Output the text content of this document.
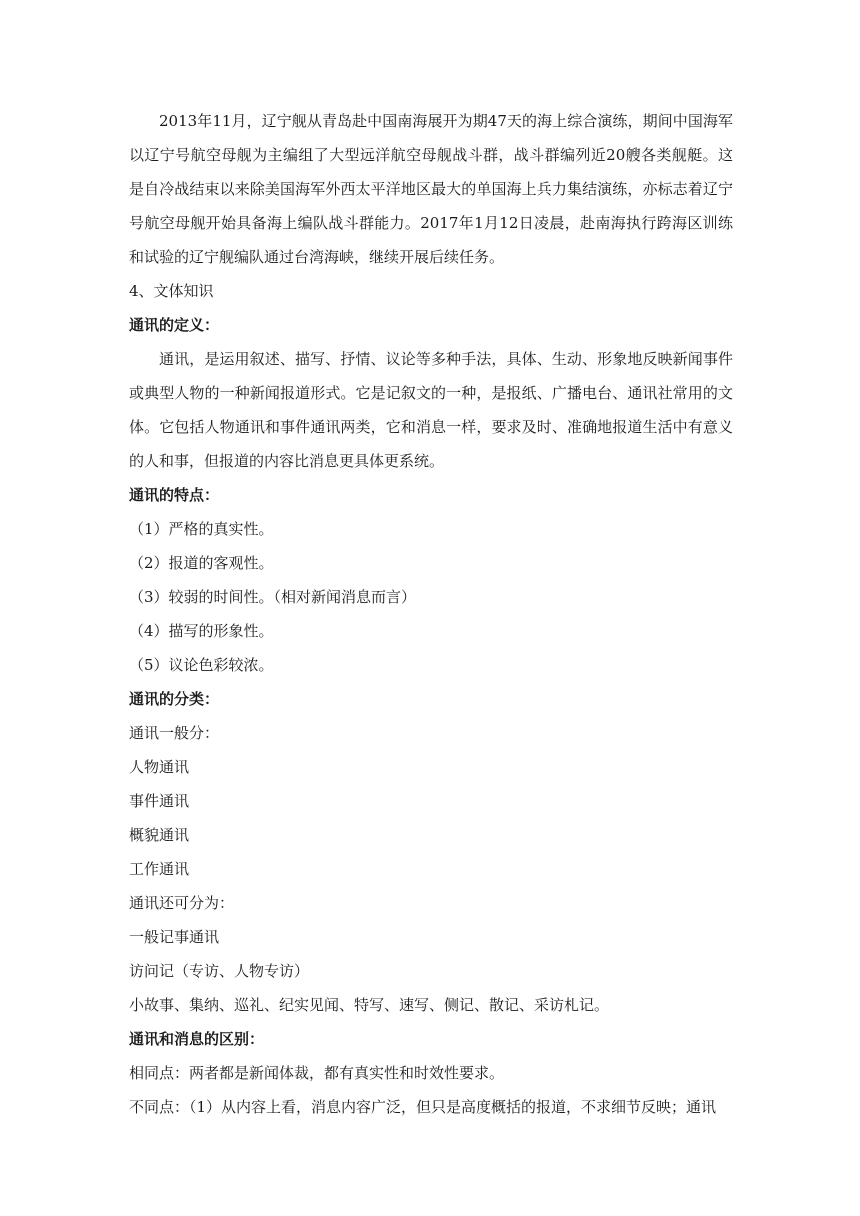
2013年11月，辽宁舰从青岛赴中国南海展开为期47天的海上综合演练，期间中国海军以辽宁号航空母舰为主编组了大型远洋航空母舰战斗群，战斗群编列近20艘各类舰艇。这是自冷战结束以来除美国海军外西太平洋地区最大的单国海上兵力集结演练，亦标志着辽宁号航空母舰开始具备海上编队战斗群能力。2017年1月12日凌晨，赴南海执行跨海区训练和试验的辽宁舰编队通过台湾海峡，继续开展后续任务。

4、文体知识

通讯的定义：

通讯，是运用叙述、描写、抒情、议论等多种手法，具体、生动、形象地反映新闻事件或典型人物的一种新闻报道形式。它是记叙文的一种，是报纸、广播电台、通讯社常用的文体。它包括人物通讯和事件通讯两类，它和消息一样，要求及时、准确地报道生活中有意义的人和事，但报道的内容比消息更具体更系统。

通讯的特点：

（1）严格的真实性。

（2）报道的客观性。

（3）较弱的时间性。（相对新闻消息而言）

（4）描写的形象性。

（5）议论色彩较浓。

通讯的分类：

通讯一般分：

人物通讯

事件通讯

概貌通讯

工作通讯

通讯还可分为：

一般记事通讯

访问记（专访、人物专访）

小故事、集纳、巡礼、纪实见闻、特写、速写、侧记、散记、采访札记。

通讯和消息的区别：

相同点：两者都是新闻体裁，都有真实性和时效性要求。

不同点：（1）从内容上看，消息内容广泛，但只是高度概括的报道，不求细节反映；通讯
